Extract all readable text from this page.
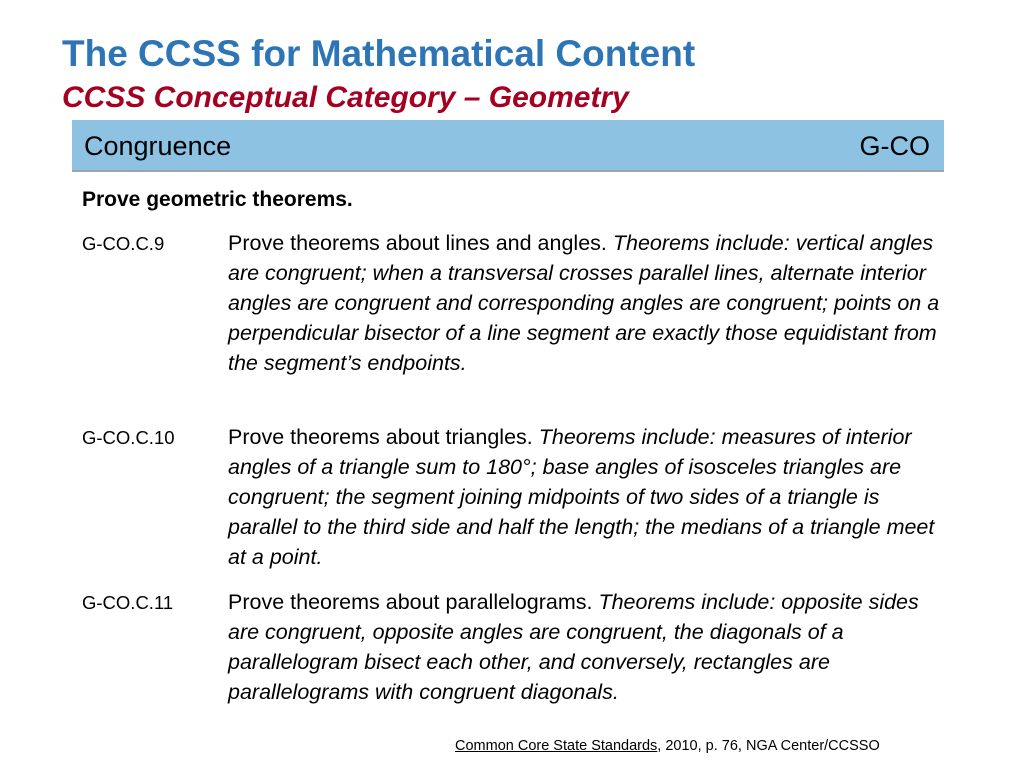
The CCSS for Mathematical Content
CCSS Conceptual Category – Geometry
Congruence	G-CO
Prove geometric theorems.
G-CO.C.9	Prove theorems about lines and angles. Theorems include: vertical angles are congruent; when a transversal crosses parallel lines, alternate interior angles are congruent and corresponding angles are congruent; points on a perpendicular bisector of a line segment are exactly those equidistant from the segment’s endpoints.
G-CO.C.10 Prove theorems about triangles. Theorems include: measures of interior angles of a triangle sum to 180°; base angles of isosceles triangles are congruent; the segment joining midpoints of two sides of a triangle is parallel to the third side and half the length; the medians of a triangle meet at a point.
G-CO.C.11	Prove theorems about parallelograms. Theorems include: opposite sides are congruent, opposite angles are congruent, the diagonals of a parallelogram bisect each other, and conversely, rectangles are parallelograms with congruent diagonals.
Common Core State Standards, 2010, p. 76, NGA Center/CCSSO
